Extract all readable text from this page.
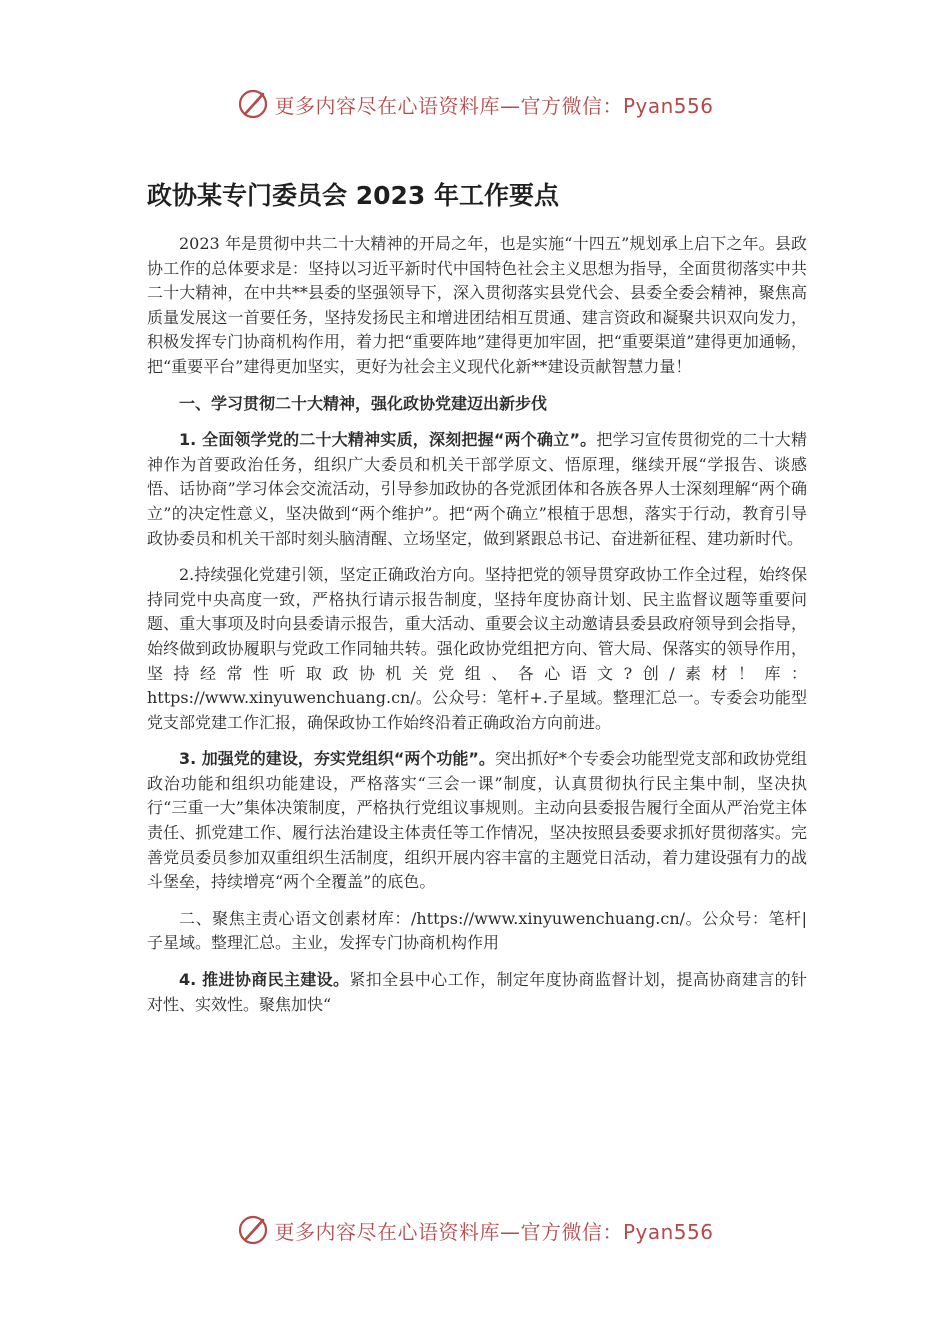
更多内容尽在心语资料库—官方微信：Pyan556
政协某专门委员会 2023 年工作要点

2023 年是贯彻中共二十大精神的开局之年，也是实施“十四五”规划承上启下之年。县政协工作的总体要求是：坚持以习近平新时代中国特色社会主义思想为指导，全面贯彻落实中共二十大精神，在中共**县委的坚强领导下，深入贯彻落实县党代会、县委全委会精神，聚焦高质量发展这一首要任务，坚持发扬民主和增进团结相互贯通、建言资政和凝聚共识双向发力，积极发挥专门协商机构作用，着力把“重要阵地”建得更加牢固，把“重要渠道”建得更加通畅，把“重要平台”建得更加坚实，更好为社会主义现代化新**建设贡献智慧力量！

一、学习贯彻二十大精神，强化政协党建迈出新步伐

1. 全面领学党的二十大精神实质，深刻把握“两个确立”。把学习宣传贯彻党的二十大精神作为首要政治任务，组织广大委员和机关干部学原文、悟原理，继续开展“学报告、谈感悟、话协商”学习体会交流活动，引导参加政协的各党派团体和各族各界人士深刻理解“两个确立”的决定性意义，坚决做到“两个维护”。把“两个确立”根植于思想，落实于行动，教育引导政协委员和机关干部时刻头脑清醒、立场坚定，做到紧跟总书记、奋进新征程、建功新时代。

2.持续强化党建引领，坚定正确政治方向。坚持把党的领导贯穿政协工作全过程，始终保持同党中央高度一致，严格执行请示报告制度，坚持年度协商计划、民主监督议题等重要问题、重大事项及时向县委请示报告，重大活动、重要会议主动邀请县委县政府领导到会指导，始终做到政协履职与党政工作同轴共转。强化政协党组把方向、管大局、保落实的领导作用，坚持经常性听取政协机关党组、各心语文?创/素材！库：https://www.xinyuwenchuang.cn/。公众号：笔杆+.子星域。整理汇总一。专委会功能型党支部党建工作汇报，确保政协工作始终沿着正确政治方向前进。

3. 加强党的建设，夯实党组织“两个功能”。突出抓好*个专委会功能型党支部和政协党组政治功能和组织功能建设，严格落实“三会一课”制度，认真贯彻执行民主集中制，坚决执行“三重一大”集体决策制度，严格执行党组议事规则。主动向县委报告履行全面从严治党主体责任、抓党建工作、履行法治建设主体责任等工作情况，坚决按照县委要求抓好贯彻落实。完善党员委员参加双重组织生活制度，组织开展内容丰富的主题党日活动，着力建设强有力的战斗堡垒，持续增亮“两个全覆盖”的底色。

二、聚焦主责心语文创素材库：/https://www.xinyuwenchuang.cn/。公众号：笔杆|子星域。整理汇总。主业，发挥专门协商机构作用

4. 推进协商民主建设。紧扣全县中心工作，制定年度协商监督计划，提高协商建言的针对性、实效性。聚焦加快“

更多内容尽在心语资料库—官方微信：Pyan556
